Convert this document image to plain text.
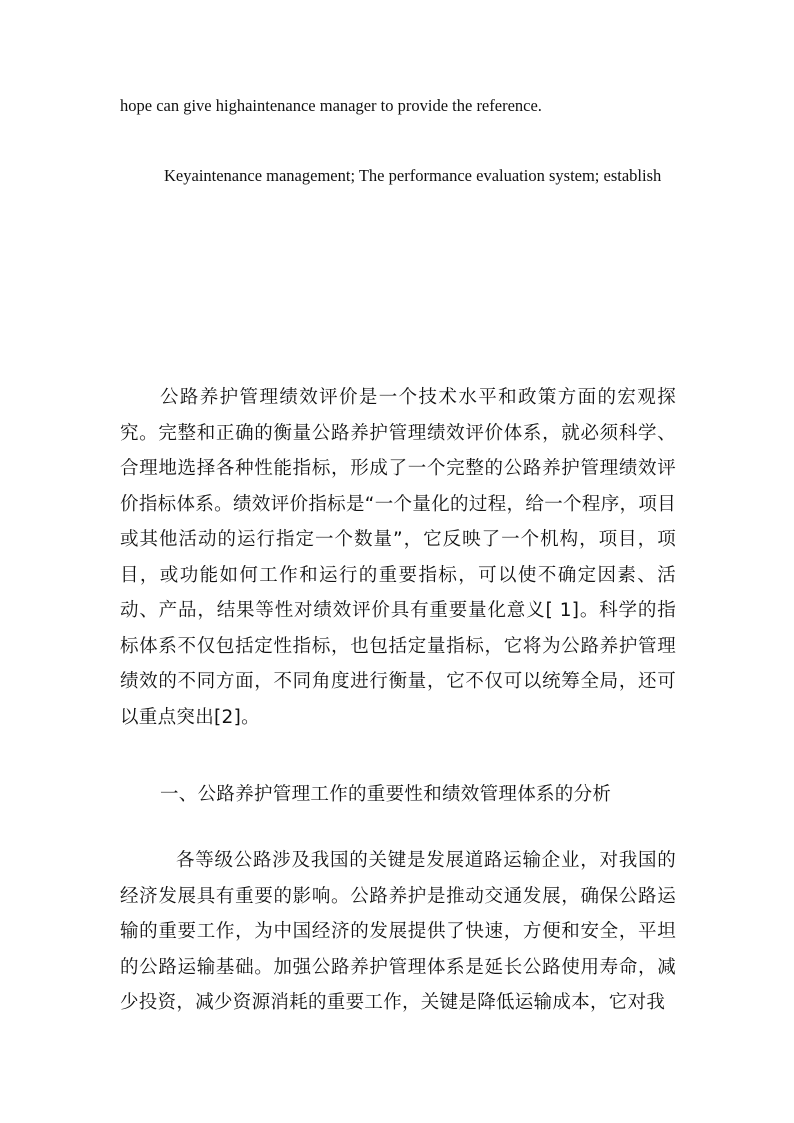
hope can give highaintenance manager to provide the reference.

Keyaintenance management; The performance evaluation system; establish

公路养护管理绩效评价是一个技术水平和政策方面的宏观探究。完整和正确的衡量公路养护管理绩效评价体系，就必须科学、合理地选择各种性能指标，形成了一个完整的公路养护管理绩效评价指标体系。绩效评价指标是“一个量化的过程，给一个程序，项目或其他活动的运行指定一个数量”，它反映了一个机构，项目，项目，或功能如何工作和运行的重要指标，可以使不确定因素、活动、产品，结果等性对绩效评价具有重要量化意义[ 1]。科学的指标体系不仅包括定性指标，也包括定量指标，它将为公路养护管理绩效的不同方面，不同角度进行衡量，它不仅可以统筹全局，还可以重点突出[2]。

一、公路养护管理工作的重要性和绩效管理体系的分析

各等级公路涉及我国的关键是发展道路运输企业，对我国的经济发展具有重要的影响。公路养护是推动交通发展，确保公路运输的重要工作，为中国经济的发展提供了快速，方便和安全，平坦的公路运输基础。加强公路养护管理体系是延长公路使用寿命，减少投资，减少资源消耗的重要工作，关键是降低运输成本，它对我
